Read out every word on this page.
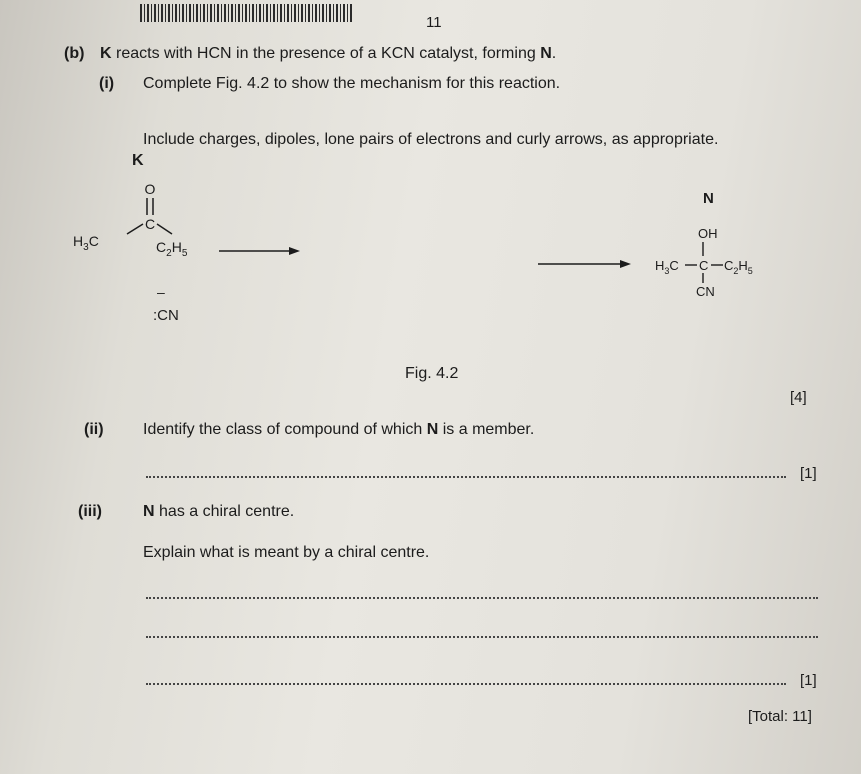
11
(b) K reacts with HCN in the presence of a KCN catalyst, forming N.
(i) Complete Fig. 4.2 to show the mechanism for this reaction.
Include charges, dipoles, lone pairs of electrons and curly arrows, as appropriate.
K
O
C
$H_3C$	$C_2H_5$
–
:CN
N
OH
$H_3C$ C $C_2H_5$
CN
Fig. 4.2
[4]
(ii) Identify the class of compound of which N is a member.
[1]
(iii)	N has a chiral centre.
Explain what is meant by a chiral centre.
[1]
[Total: 11]
